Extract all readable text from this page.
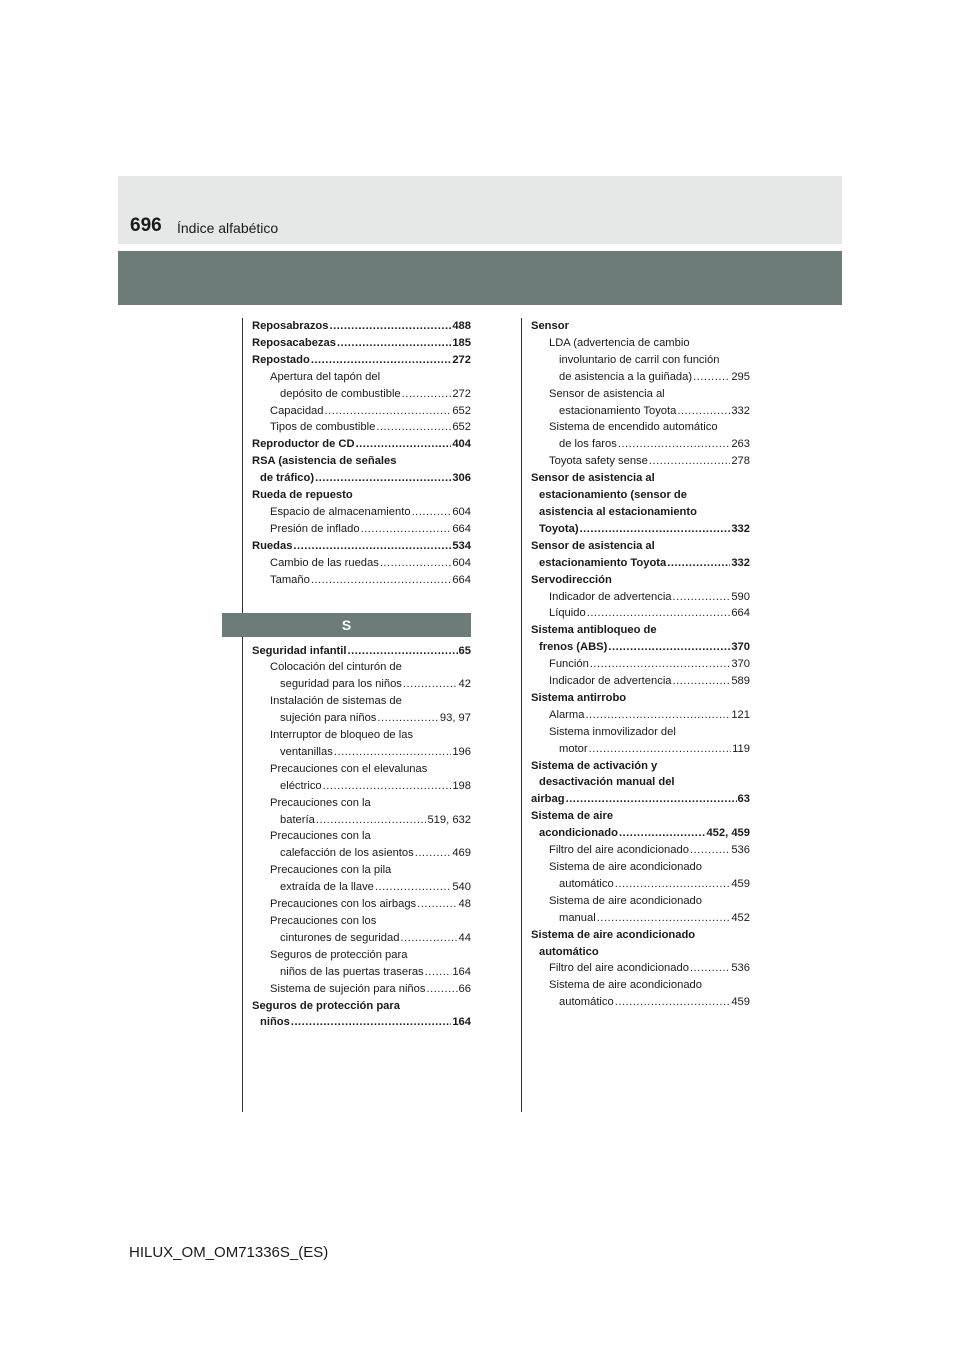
696 Índice alfabético
Reposabrazos .....	488
Reposacabezas .....	185
Repostado .....	272
Apertura del tapón del
depósito de combustible .....	272
Capacidad .....	652
Tipos de combustible .....	652
Reproductor de CD .....	404
RSA (asistencia de señales
de tráfico) .....	306
Rueda de repuesto
Espacio de almacenamiento .....	604
Presión de inflado .....	664
Ruedas .....	534
Cambio de las ruedas .....	604
Tamaño .....	664
S
Seguridad infantil .....	65
Colocación del cinturón de
seguridad para los niños .....	42
Instalación de sistemas de
sujeción para niños .....	93, 97
Interruptor de bloqueo de las
ventanillas .....	196
Precauciones con el elevalunas
eléctrico .....	198
Precauciones con la
batería .....	519, 632
Precauciones con la
calefacción de los asientos .....	469
Precauciones con la pila
extraída de la llave .....	540
Precauciones con los airbags .....	48
Precauciones con los
cinturones de seguridad .....	44
Seguros de protección para
niños de las puertas traseras .....	164
Sistema de sujeción para niños .....	66
Seguros de protección para
niños .....	164
Sensor
LDA (advertencia de cambio
involuntario de carril con función
de asistencia a la guiñada) .....	295
Sensor de asistencia al
estacionamiento Toyota .....	332
Sistema de encendido automático
de los faros .....	263
Toyota safety sense .....	278
Sensor de asistencia al
estacionamiento (sensor de
asistencia al estacionamiento
Toyota) .....	332
Sensor de asistencia al
estacionamiento Toyota .....	332
Servodirección
Indicador de advertencia .....	590
Líquido .....	664
Sistema antibloqueo de
frenos (ABS) .....	370
Función .....	370
Indicador de advertencia .....	589
Sistema antirrobo
Alarma .....	121
Sistema inmovilizador del
motor .....	119
Sistema de activación y
desactivación manual del
airbag .....	63
Sistema de aire
acondicionado .....	452, 459
Filtro del aire acondicionado .....	536
Sistema de aire acondicionado
automático .....	459
Sistema de aire acondicionado
manual .....	452
Sistema de aire acondicionado
automático
Filtro del aire acondicionado .....	536
Sistema de aire acondicionado
automático .....	459
HILUX_OM_OM71336S_(ES)
